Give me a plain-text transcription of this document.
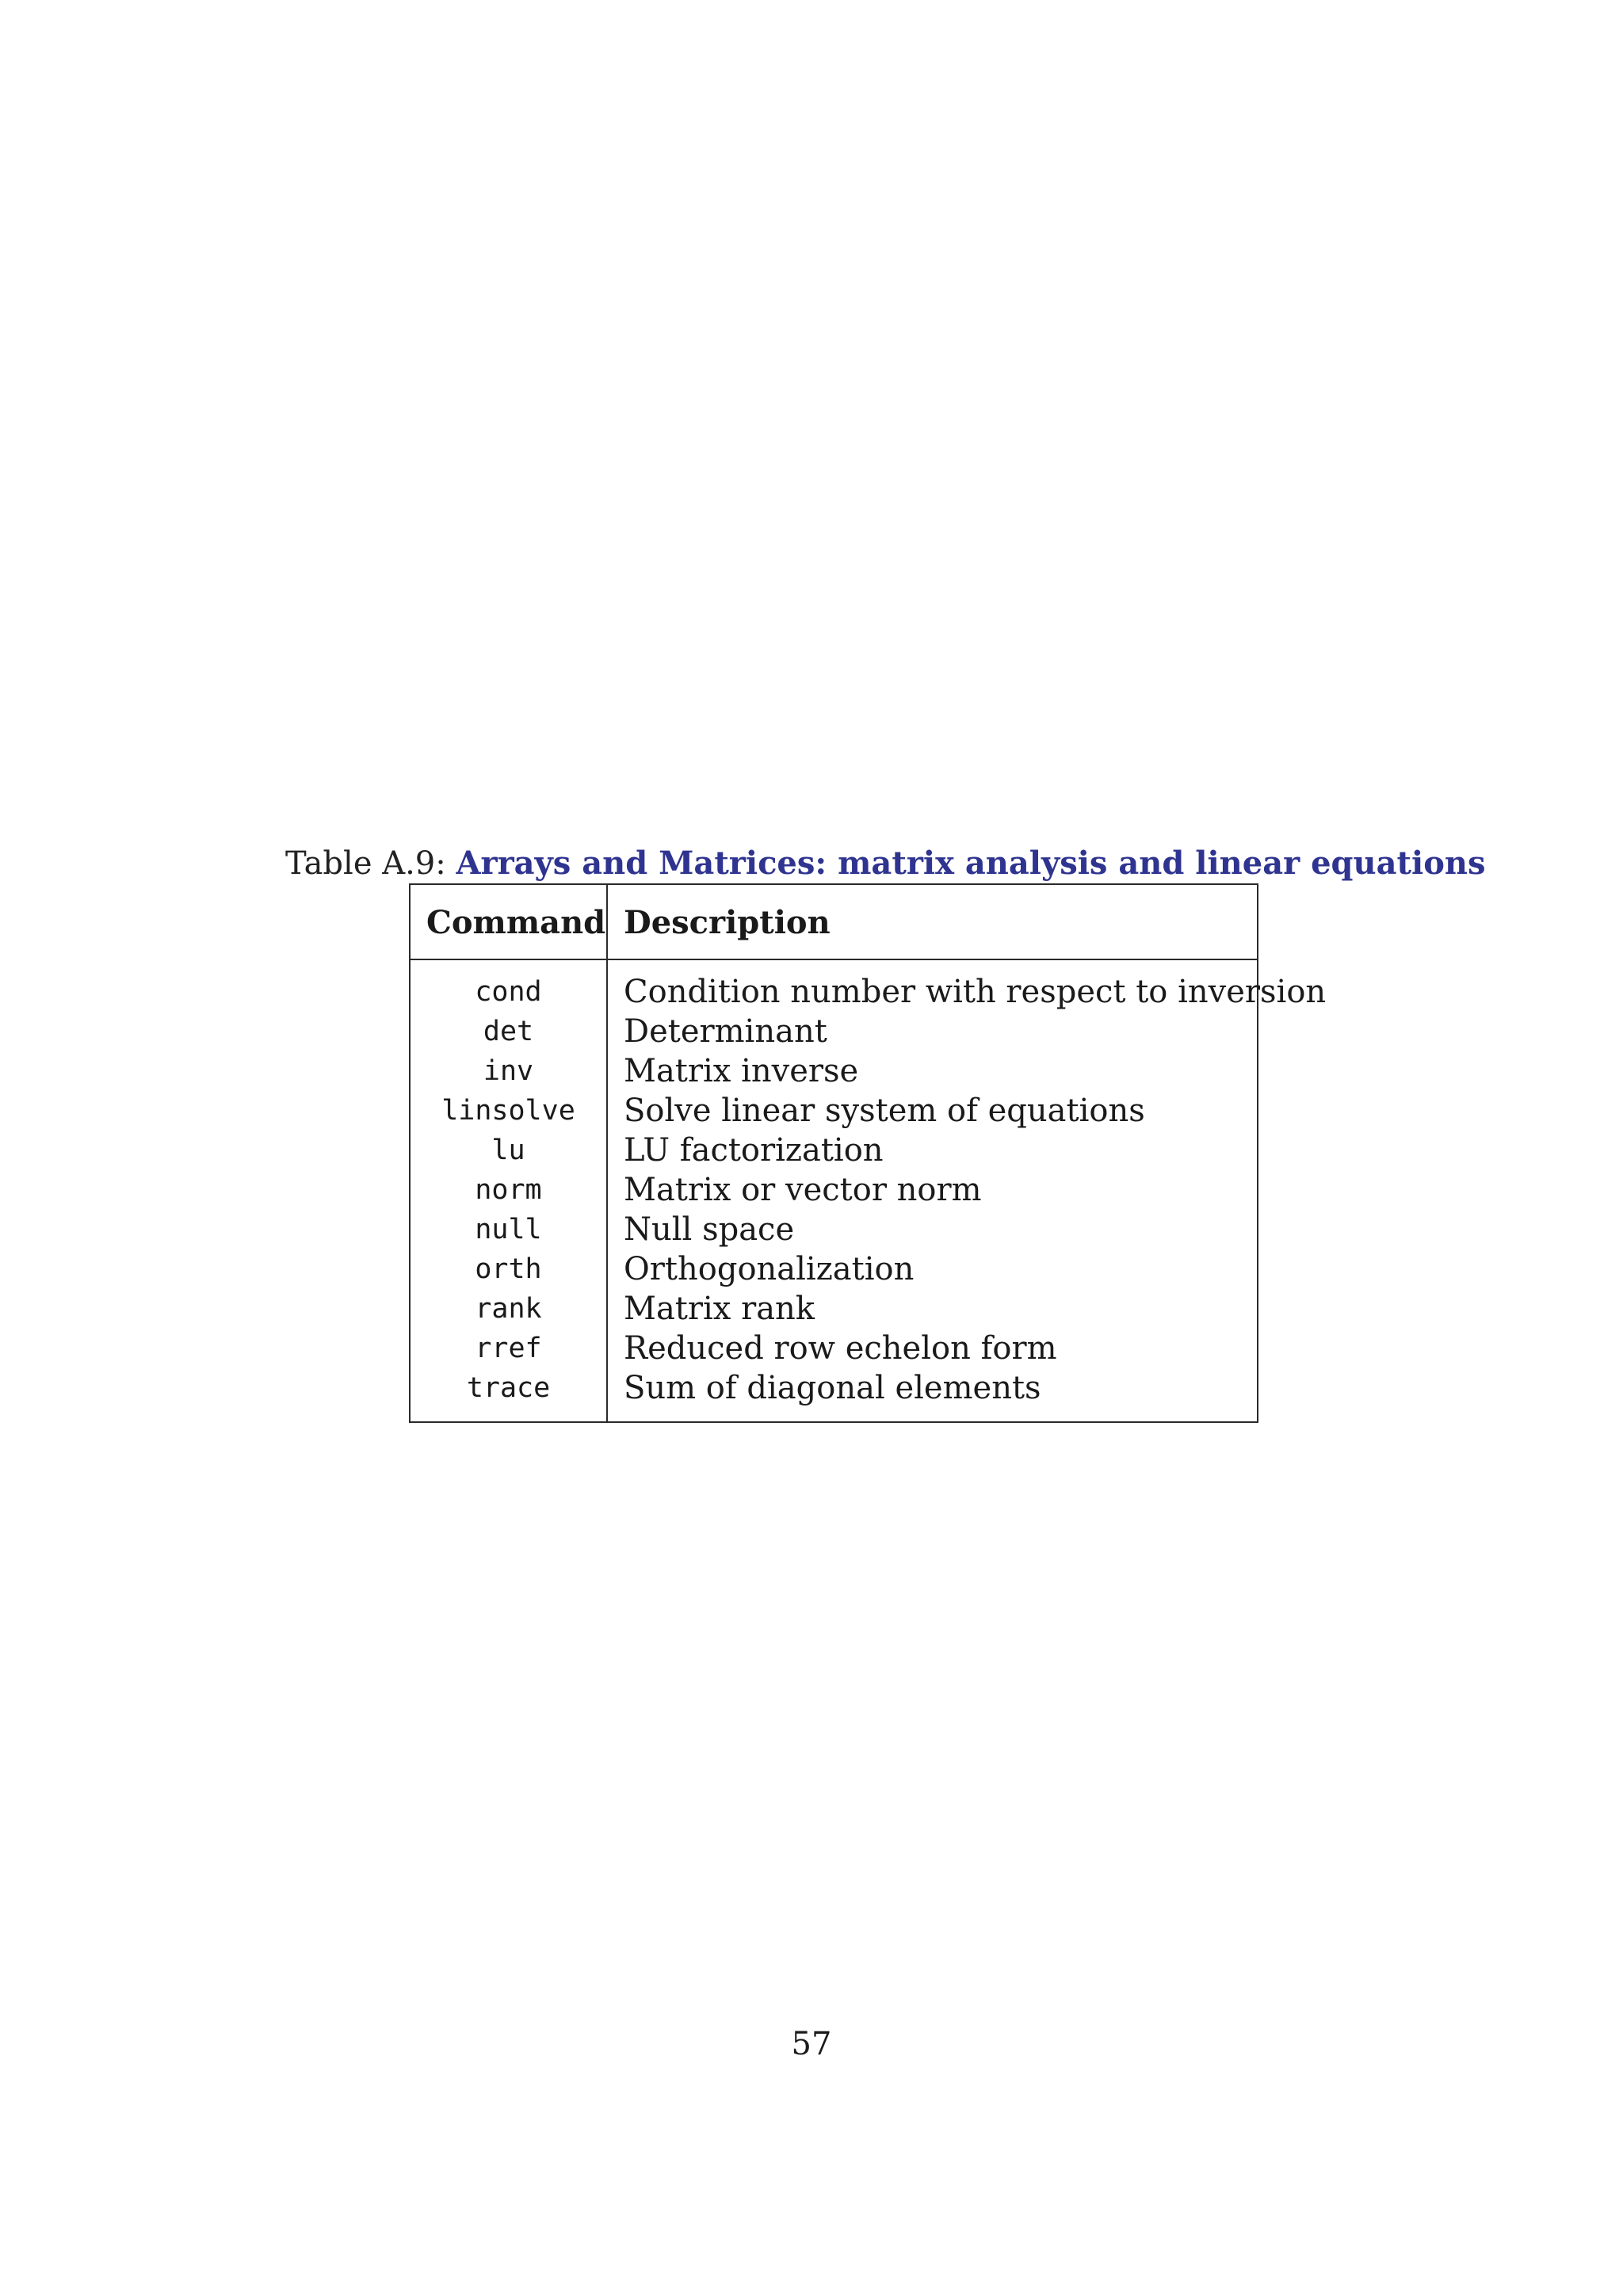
Table A.9: Arrays and Matrices: matrix analysis and linear equations
Command Description
cond	Condition number with respect to inversion
det	Determinant
inv	Matrix inverse
linsolve	Solve linear system of equations
lu	LU factorization
norm	Matrix or vector norm
null	Null space
orth	Orthogonalization
rank	Matrix rank
rref	Reduced row echelon form
trace	Sum of diagonal elements
57
